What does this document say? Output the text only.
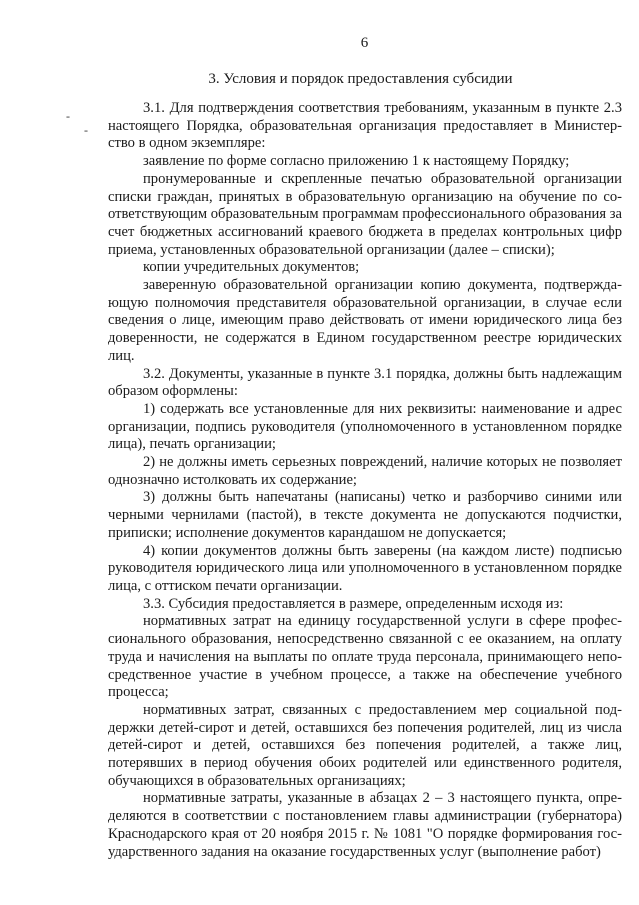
6
3. Условия и порядок предоставления субсидии
-
-

3.1. Для подтверждения соответствия требованиям, указанным в пункте 2.3 настоящего Порядка, образовательная организация предоставляет в Министерство в одном экземпляре:

заявление по форме согласно приложению 1 к настоящему Порядку;

пронумерованные и скрепленные печатью образовательной организации списки граждан, принятых в образовательную организацию на обучение по соответствующим образовательным программам профессионального образования за счет бюджетных ассигнований краевого бюджета в пределах контрольных цифр приема, установленных образовательной организации (далее – списки);

копии учредительных документов;

заверенную образовательной организации копию документа, подтверждающую полномочия представителя образовательной организации, в случае если сведения о лице, имеющим право действовать от имени юридического лица без доверенности, не содержатся в Едином государственном реестре юридических лиц.

3.2. Документы, указанные в пункте 3.1 порядка, должны быть надлежащим образом оформлены:

1) содержать все установленные для них реквизиты: наименование и адрес организации, подпись руководителя (уполномоченного в установленном порядке лица), печать организации;

2) не должны иметь серьезных повреждений, наличие которых не позволяет однозначно истолковать их содержание;

3) должны быть напечатаны (написаны) четко и разборчиво синими или черными чернилами (пастой), в тексте документа не допускаются подчистки, приписки; исполнение документов карандашом не допускается;

4) копии документов должны быть заверены (на каждом листе) подписью руководителя юридического лица или уполномоченного в установленном порядке лица, с оттиском печати организации.

3.3. Субсидия предоставляется в размере, определенным исходя из:

нормативных затрат на единицу государственной услуги в сфере профессионального образования, непосредственно связанной с ее оказанием, на оплату труда и начисления на выплаты по оплате труда персонала, принимающего непосредственное участие в учебном процессе, а также на обеспечение учебного процесса;

нормативных затрат, связанных с предоставлением мер социальной поддержки детей-сирот и детей, оставшихся без попечения родителей, лиц из числа детей-сирот и детей, оставшихся без попечения родителей, а также лиц, потерявших в период обучения обоих родителей или единственного родителя, обучающихся в образовательных организациях;

нормативные затраты, указанные в абзацах 2 – 3 настоящего пункта, определяются в соответствии с постановлением главы администрации (губернатора) Краснодарского края от 20 ноября 2015 г. № 1081 "О порядке формирования государственного задания на оказание государственных услуг (выполнение работ)
